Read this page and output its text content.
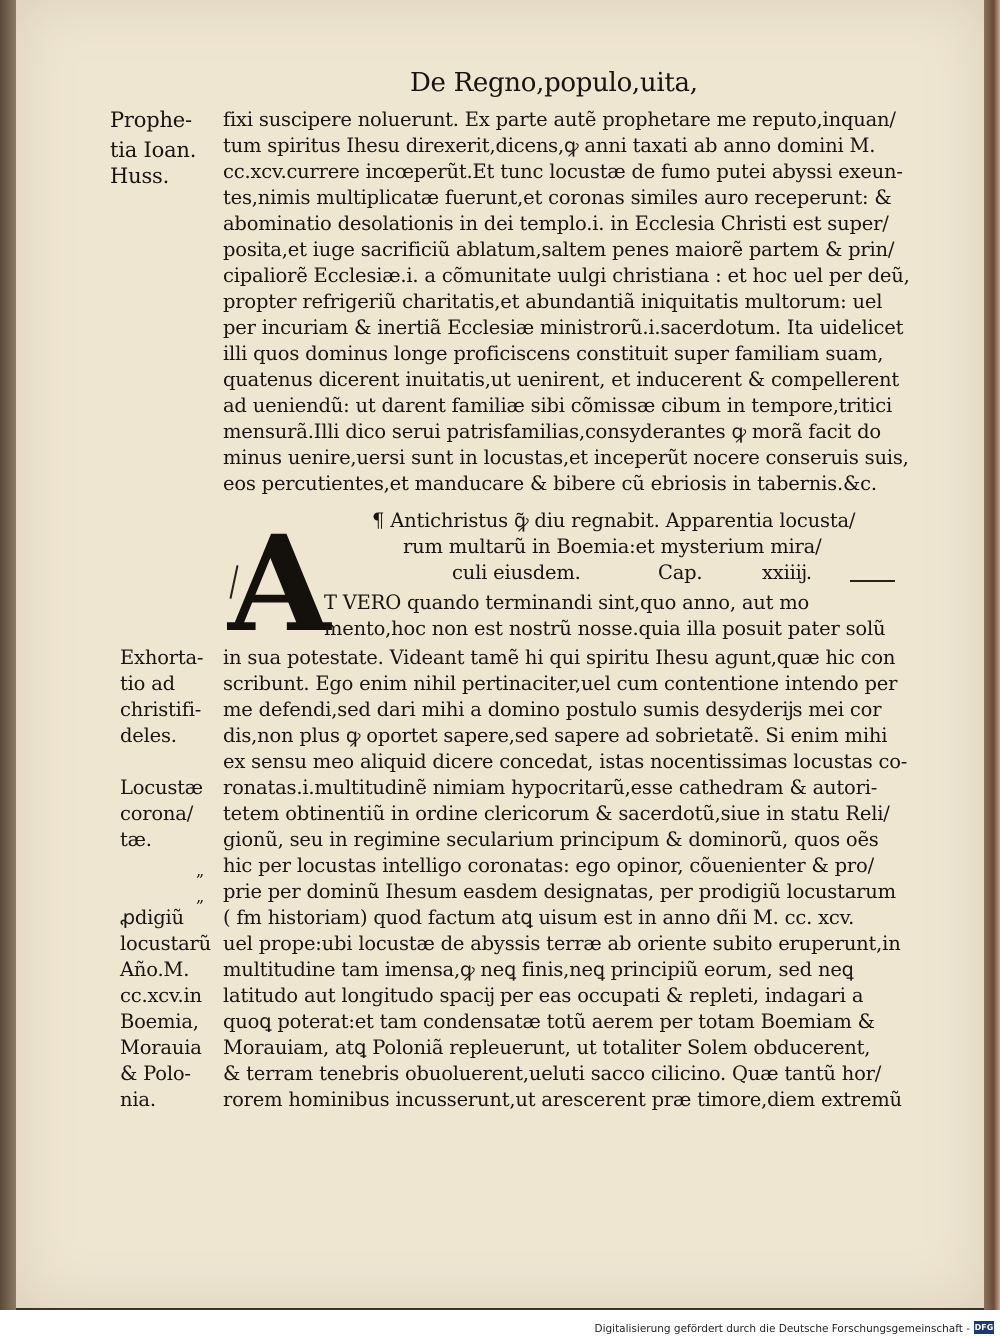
De Regno,populo,uita,
Prophe-
tia Ioan.
Huss.
Exhorta-
tio ad
christifi-
deles.
Locustæ
corona/
tæ.
„
„
ꝓdigiũ
locustarũ
Año.M.
cc.xcv.in
Boemia,
Morauia
& Polo-
nia.
fixi suscipere noluerunt. Ex parte autẽ prophetare me reputo,inquan/
tum spiritus Ihesu direxerit,dicens,ꝙ anni taxati ab anno domini M.
cc.xcv.currere incœperũt.Et tunc locustæ de fumo putei abyssi exeun-
tes,nimis multiplicatæ fuerunt,et coronas similes auro receperunt: &
abominatio desolationis in dei templo.i. in Ecclesia Christi est super/
posita,et iuge sacrificiũ ablatum,saltem penes maiorẽ partem & prin/
cipaliorẽ Ecclesiæ.i. a cõmunitate uulgi christiana : et hoc uel per deũ,
propter refrigeriũ charitatis,et abundantiã iniquitatis multorum: uel
per incuriam & inertiã Ecclesiæ ministrorũ.i.sacerdotum. Ita uidelicet
illi quos dominus longe proficiscens constituit super familiam suam,
quatenus dicerent inuitatis,ut uenirent, et inducerent & compellerent
ad ueniendũ: ut darent familiæ sibi cõmissæ cibum in tempore,tritici
mensurã.Illi dico serui patrisfamilias,consyderantes ꝙ morã facit do
minus uenire,uersi sunt in locustas,et inceperũt nocere conseruis suis,
eos percutientes,et manducare & bibere cũ ebriosis in tabernis.&c.
¶ Antichristus ꝙ̃ diu regnabit. Apparentia locusta/
rum multarũ in Boemia:et mysterium mira/
culi eiusdem.	Cap.	xxiiĳ.
A
T VERO quando terminandi sint,quo anno, aut mo
mento,hoc non est nostrũ nosse.quia illa posuit pater solũ
in sua potestate. Videant tamẽ hi qui spiritu Ihesu agunt,quæ hic con
scribunt. Ego enim nihil pertinaciter,uel cum contentione intendo per
me defendi,sed dari mihi a domino postulo sumis desyderĳs mei cor
dis,non plus ꝙ oportet sapere,sed sapere ad sobrietatẽ. Si enim mihi
ex sensu meo aliquid dicere concedat, istas nocentissimas locustas co-
ronatas.i.multitudinẽ nimiam hypocritarũ,esse cathedram & autori-
tetem obtinentiũ in ordine clericorum & sacerdotũ,siue in statu Reli/
gionũ, seu in regimine secularium principum & dominorũ, quos oẽs
hic per locustas intelligo coronatas: ego opinor, cõuenienter & pro/
prie per dominũ Ihesum easdem designatas, per prodigiũ locustarum
( fm historiam) quod factum atꝗ uisum est in anno dñi M. cc. xcv.
uel prope:ubi locustæ de abyssis terræ ab oriente subito eruperunt,in
multitudine tam imensa,ꝙ neꝗ finis,neꝗ principiũ eorum, sed neꝗ
latitudo aut longitudo spacĳ per eas occupati & repleti, indagari a
quoꝗ poterat:et tam condensatæ totũ aerem per totam Boemiam &
Morauiam, atꝗ Poloniã repleuerunt, ut totaliter Solem obducerent,
& terram tenebris obuoluerent,ueluti sacco cilicino. Quæ tantũ hor/
rorem hominibus incusserunt,ut arescerent præ timore,diem extremũ
Digitalisierung gefördert durch die Deutsche Forschungsgemeinschaft - DFG
